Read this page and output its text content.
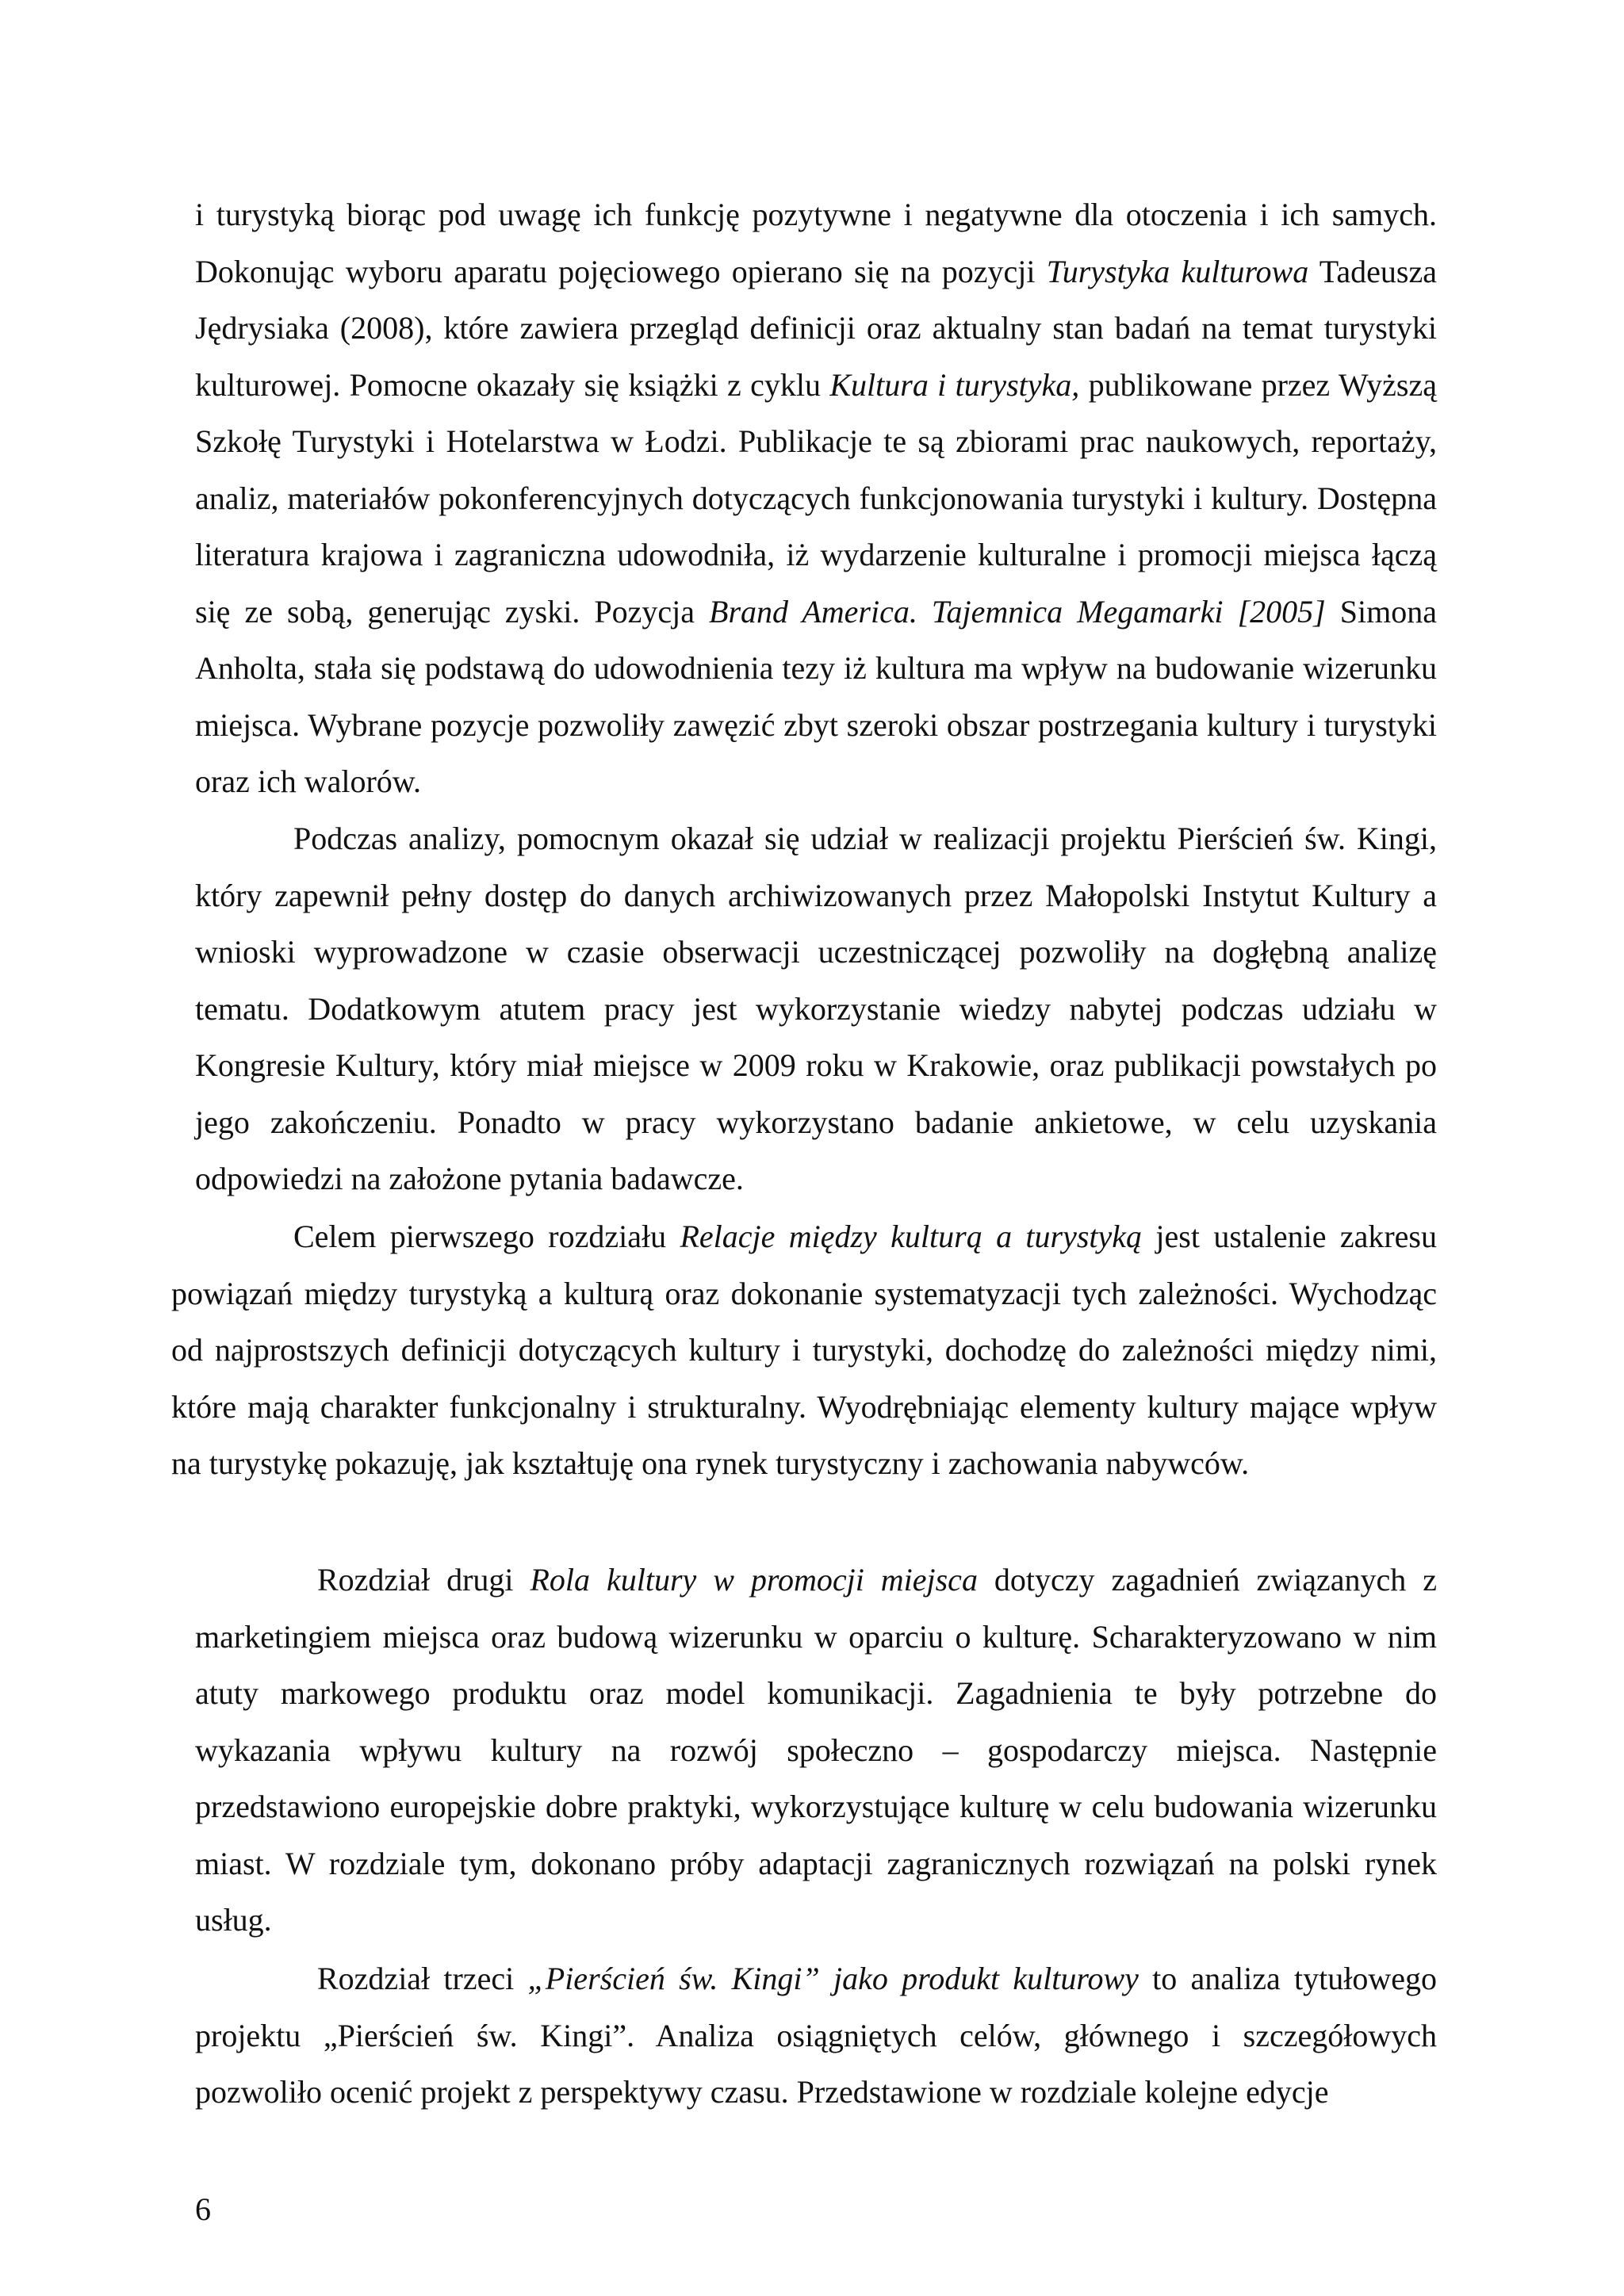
i turystyką biorąc pod uwagę ich funkcję pozytywne i negatywne dla otoczenia i ich samych. Dokonując wyboru aparatu pojęciowego opierano się na pozycji Turystyka kulturowa Tadeusza Jędrysiaka (2008), które zawiera przegląd definicji oraz aktualny stan badań na temat turystyki kulturowej. Pomocne okazały się książki z cyklu Kultura i turystyka, publikowane przez Wyższą Szkołę Turystyki i Hotelarstwa w Łodzi. Publikacje te są zbiorami prac naukowych, reportaży, analiz, materiałów pokonferencyjnych dotyczących funkcjonowania turystyki i kultury. Dostępna literatura krajowa i zagraniczna udowodniła, iż wydarzenie kulturalne i promocji miejsca łączą się ze sobą, generując zyski. Pozycja Brand America. Tajemnica Megamarki [2005] Simona Anholta, stała się podstawą do udowodnienia tezy iż kultura ma wpływ na budowanie wizerunku miejsca. Wybrane pozycje pozwoliły zawęzić zbyt szeroki obszar postrzegania kultury i turystyki oraz ich walorów.

Podczas analizy, pomocnym okazał się udział w realizacji projektu Pierścień św. Kingi, który zapewnił pełny dostęp do danych archiwizowanych przez Małopolski Instytut Kultury a wnioski wyprowadzone w czasie obserwacji uczestniczącej pozwoliły na dogłębną analizę tematu. Dodatkowym atutem pracy jest wykorzystanie wiedzy nabytej podczas udziału w Kongresie Kultury, który miał miejsce w 2009 roku w Krakowie, oraz publikacji powstałych po jego zakończeniu. Ponadto w pracy wykorzystano badanie ankietowe, w celu uzyskania odpowiedzi na założone pytania badawcze.

Celem pierwszego rozdziału Relacje między kulturą a turystyką jest ustalenie zakresu powiązań między turystyką a kulturą oraz dokonanie systematyzacji tych zależności. Wychodząc od najprostszych definicji dotyczących kultury i turystyki, dochodzę do zależności między nimi, które mają charakter funkcjonalny i strukturalny. Wyodrębniając elementy kultury mające wpływ na turystykę pokazuję, jak kształtuję ona rynek turystyczny i zachowania nabywców.

Rozdział drugi Rola kultury w promocji miejsca dotyczy zagadnień związanych z marketingiem miejsca oraz budową wizerunku w oparciu o kulturę. Scharakteryzowano w nim atuty markowego produktu oraz model komunikacji. Zagadnienia te były potrzebne do wykazania wpływu kultury na rozwój społeczno – gospodarczy miejsca. Następnie przedstawiono europejskie dobre praktyki, wykorzystujące kulturę w celu budowania wizerunku miast. W rozdziale tym, dokonano próby adaptacji zagranicznych rozwiązań na polski rynek usług.

Rozdział trzeci „Pierścień św. Kingi” jako produkt kulturowy to analiza tytułowego projektu „Pierścień św. Kingi”. Analiza osiągniętych celów, głównego i szczegółowych pozwoliło ocenić projekt z perspektywy czasu. Przedstawione w rozdziale kolejne edycje

6
